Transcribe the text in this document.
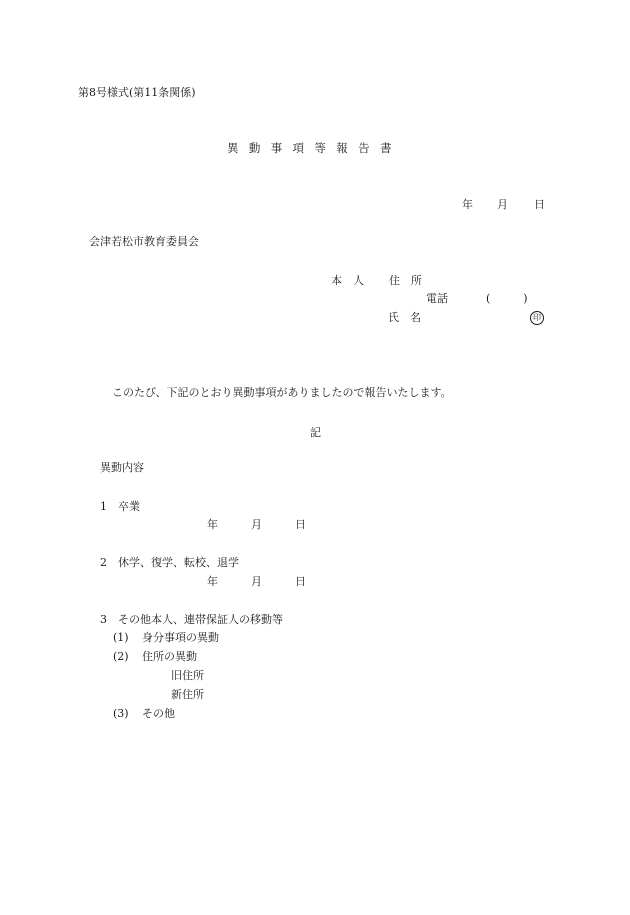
第8号様式(第11条関係)

異動事項等報告書
年 月 日

会津若松市教育委員会

本　人 住　所
電話	(　　　)
氏　名	印

このたび、下記のとおり異動事項がありましたので報告いたします。

記

異動内容

1 卒業
年　　　月　　　日
2 休学、復学、転校、退学
年　　　月　　　日
3 その他本人、連帯保証人の移動等
(1) 身分事項の異動
(2) 住所の異動
旧住所
新住所
(3) その他
